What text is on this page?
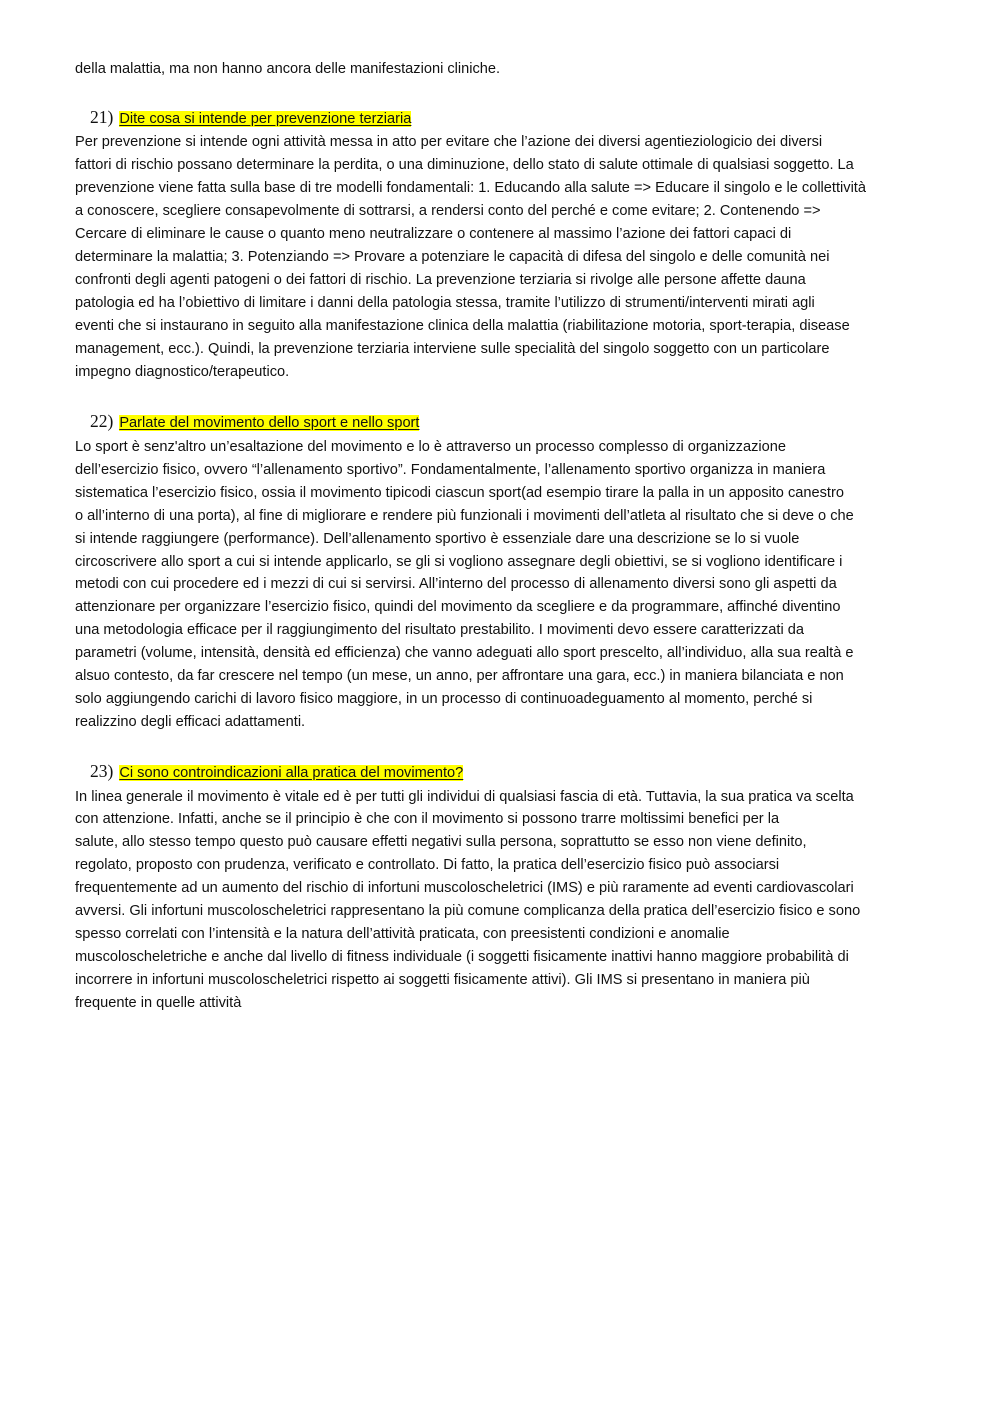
della malattia, ma non hanno ancora delle manifestazioni cliniche.
21) Dite cosa si intende per prevenzione terziaria
Per prevenzione si intende ogni attività messa in atto per evitare che l’azione dei diversi agentieziologicio dei diversi
fattori di rischio possano determinare la perdita, o una diminuzione, dello stato di salute ottimale di qualsiasi soggetto. La
prevenzione viene fatta sulla base di tre modelli fondamentali: 1. Educando alla salute => Educare il singolo e le collettività
a conoscere, scegliere consapevolmente di sottrarsi, a rendersi conto del perché e come evitare; 2. Contenendo =>
Cercare di eliminare le cause o quanto meno neutralizzare o contenere al massimo l’azione dei fattori capaci di
determinare la malattia; 3. Potenziando => Provare a potenziare le capacità di difesa del singolo e delle comunità nei
confronti degli agenti patogeni o dei fattori di rischio. La prevenzione terziaria si rivolge alle persone affette dauna
patologia ed ha l’obiettivo di limitare i danni della patologia stessa, tramite l’utilizzo di strumenti/interventi mirati agli
eventi che si instaurano in seguito alla manifestazione clinica della malattia (riabilitazione motoria, sport-terapia, disease
management, ecc.). Quindi, la prevenzione terziaria interviene sulle specialità del singolo soggetto con un particolare
impegno diagnostico/terapeutico.
22) Parlate del movimento dello sport e nello sport
Lo sport è senz'altro un’esaltazione del movimento e lo è attraverso un processo complesso di organizzazione
dell’esercizio fisico, ovvero “l’allenamento sportivo”. Fondamentalmente, l’allenamento sportivo organizza in maniera
sistematica l’esercizio fisico, ossia il movimento tipicodi ciascun sport(ad esempio tirare la palla in un apposito canestro
o all’interno di una porta), al fine di migliorare e rendere più funzionali i movimenti dell’atleta al risultato che si deve o che
si intende raggiungere (performance). Dell’allenamento sportivo è essenziale dare una descrizione se lo si vuole
circoscrivere allo sport a cui si intende applicarlo, se gli si vogliono assegnare degli obiettivi, se si vogliono identificare i
metodi con cui procedere ed i mezzi di cui si servirsi. All’interno del processo di allenamento diversi sono gli aspetti da
attenzionare per organizzare l’esercizio fisico, quindi del movimento da scegliere e da programmare, affinché diventino
una metodologia efficace per il raggiungimento del risultato prestabilito. I movimenti devo essere caratterizzati da
parametri (volume, intensità, densità ed efficienza) che vanno adeguati allo sport prescelto, all’individuo, alla sua realtà e
alsuo contesto, da far crescere nel tempo (un mese, un anno, per affrontare una gara, ecc.) in maniera bilanciata e non
solo aggiungendo carichi di lavoro fisico maggiore, in un processo di continuoadeguamento al momento, perché si
realizzino degli efficaci adattamenti.
23) Ci sono controindicazioni alla pratica del movimento?
In linea generale il movimento è vitale ed è per tutti gli individui di qualsiasi fascia di età. Tuttavia, la sua pratica va scelta
con attenzione. Infatti, anche se il principio è che con il movimento si possono trarre moltissimi benefici per la
salute, allo stesso tempo questo può causare effetti negativi sulla persona, soprattutto se esso non viene definito,
regolato, proposto con prudenza, verificato e controllato. Di fatto, la pratica dell’esercizio fisico può associarsi
frequentemente ad un aumento del rischio di infortuni muscoloscheletrici (IMS) e più raramente ad eventi cardiovascolari
avversi. Gli infortuni muscoloscheletrici rappresentano la più comune complicanza della pratica dell’esercizio fisico e sono
spesso correlati con l’intensità e la natura dell’attività praticata, con preesistenti condizioni e anomalie
muscoloscheletriche e anche dal livello di fitness individuale (i soggetti fisicamente inattivi hanno maggiore probabilità di
incorrere in infortuni muscoloscheletrici rispetto ai soggetti fisicamente attivi). Gli IMS si presentano in maniera più
frequente in quelle attività
